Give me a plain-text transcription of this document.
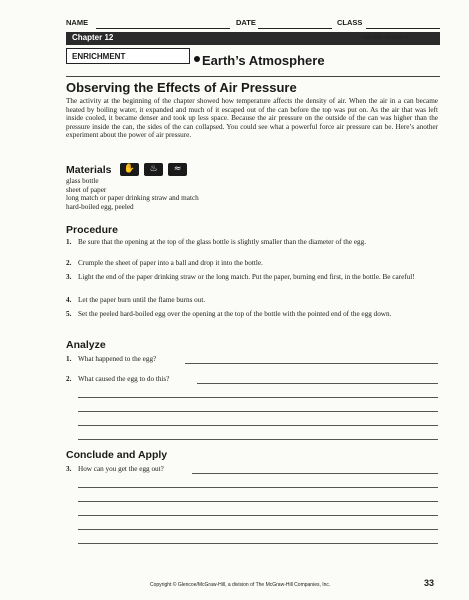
NAME	DATE	CLASS
Chapter 12	Use with Section 1
ENRICHMENT	Earth’s Atmosphere
Observing the Effects of Air Pressure
The activity at the beginning of the chapter showed how temperature affects the density of air. When the air in a can became heated by boiling water, it expanded and much of it escaped out of the can before the top was put on. As the air that was left inside cooled, it became denser and took up less space. Because the air pressure on the outside of the can was higher than the pressure inside the can, the sides of the can collapsed. You could see what a powerful force air pressure can be. Here’s another experiment about the power of air pressure.
Materials	✋	♨	≈
glass bottle
sheet of paper
long match or paper drinking straw and match
hard-boiled egg, peeled
Procedure
1. Be sure that the opening at the top of the glass bottle is slightly smaller than the diameter of the egg.
2. Crumple the sheet of paper into a ball and drop it into the bottle.
3. Light the end of the paper drinking straw or the long match. Put the paper, burning end first, in the bottle. Be careful!
4. Let the paper burn until the flame burns out.
5. Set the peeled hard-boiled egg over the opening at the top of the bottle with the pointed end of the egg down.
Analyze
1. What happened to the egg?
2. What caused the egg to do this?
Conclude and Apply
3. How can you get the egg out?
Copyright © Glencoe/McGraw-Hill, a division of The McGraw-Hill Companies, Inc.	33
